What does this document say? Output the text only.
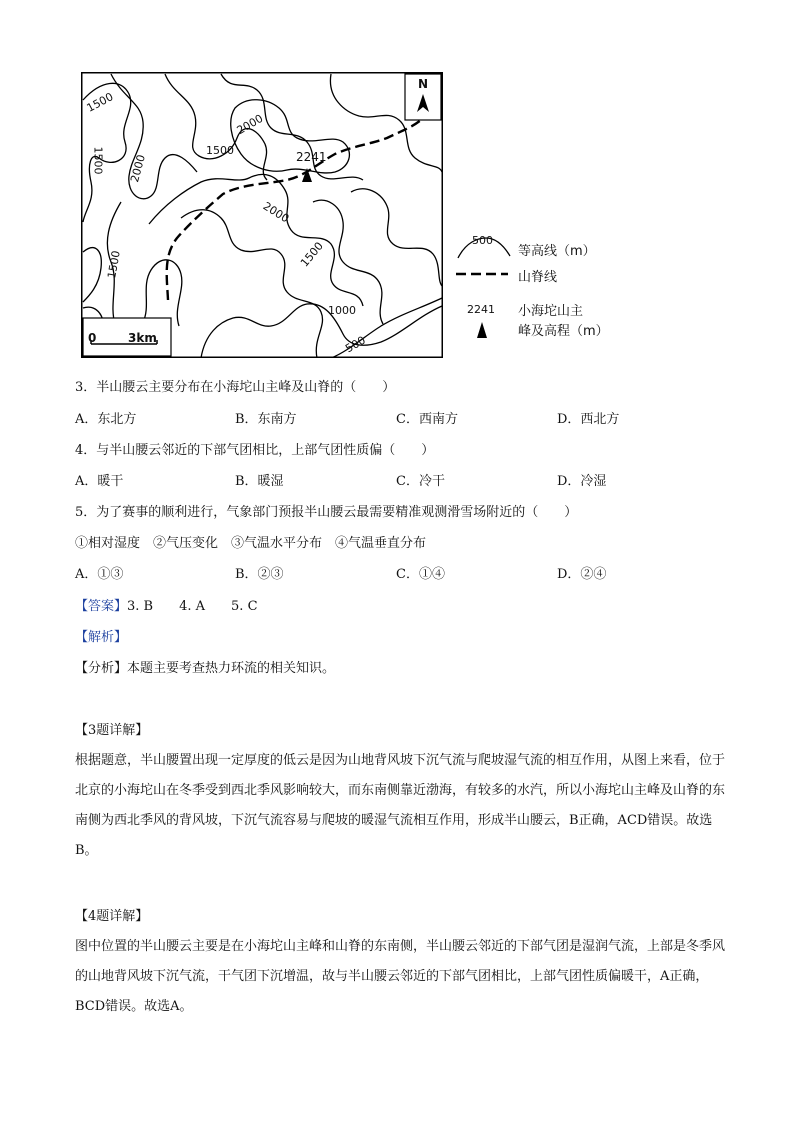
N
2241
0	3km
1500
1500 2000
1500
2000
2000
1500
1500
1000
500
500
等高线（m）
山脊线
2241 小海坨山主
峰及高程（m）
3．半山腰云主要分布在小海坨山主峰及山脊的（　　）
A．东北方	B．东南方	C．西南方	D．西北方
4．与半山腰云邻近的下部气团相比，上部气团性质偏（　　）
A．暖干	B．暖湿	C．冷干	D．冷湿
5．为了赛事的顺利进行，气象部门预报半山腰云最需要精准观测滑雪场附近的（　　）
①相对湿度　②气压变化　③气温水平分布　④气温垂直分布
A．①③	B．②③	C．①④	D．②④
【答案】3. B　　4. A　　5. C
【解析】
【分析】本题主要考查热力环流的相关知识。
【3题详解】
根据题意，半山腰置出现一定厚度的低云是因为山地背风坡下沉气流与爬坡湿气流的相互作用，从图上来看，位于北京的小海坨山在冬季受到西北季风影响较大，而东南侧靠近渤海，有较多的水汽，所以小海坨山主峰及山脊的东南侧为西北季风的背风坡，下沉气流容易与爬坡的暖湿气流相互作用，形成半山腰云，B正确，ACD错误。故选B。
【4题详解】
图中位置的半山腰云主要是在小海坨山主峰和山脊的东南侧，半山腰云邻近的下部气团是湿润气流，上部是冬季风的山地背风坡下沉气流，干气团下沉增温，故与半山腰云邻近的下部气团相比，上部气团性质偏暖干，A正确，BCD错误。故选A。
